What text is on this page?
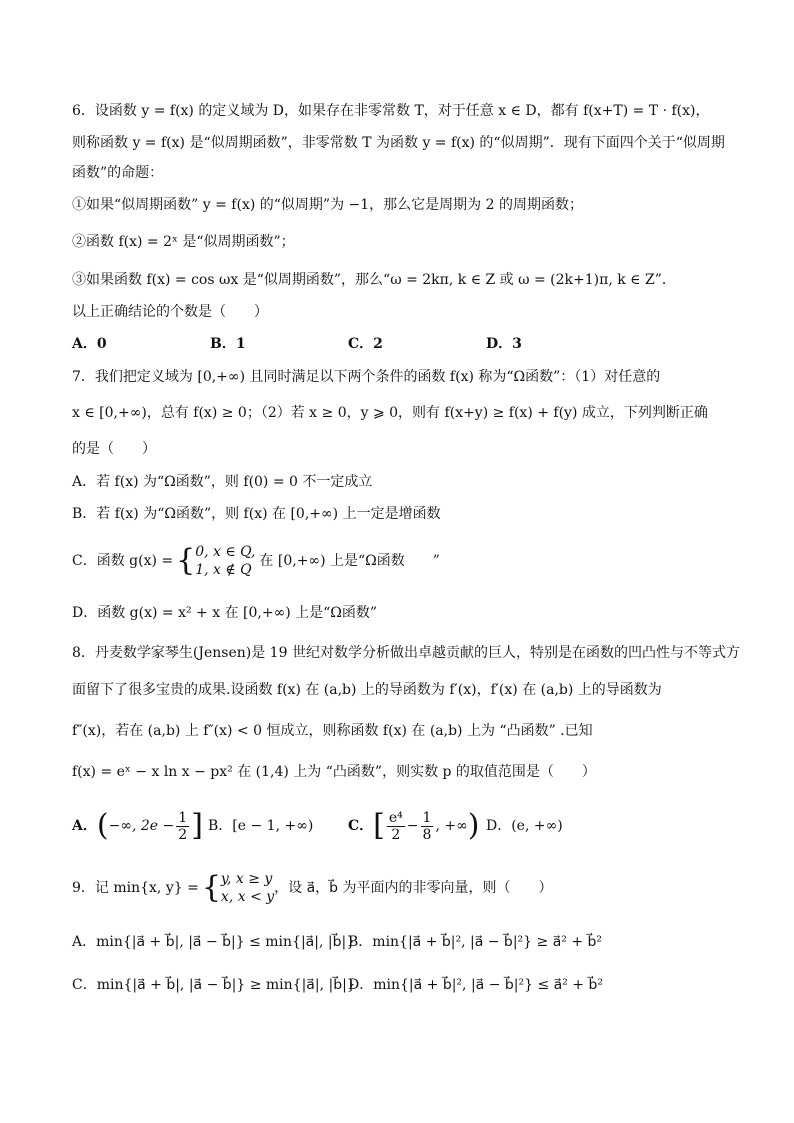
6．设函数 y = f(x) 的定义域为 D，如果存在非零常数 T，对于任意 x ∈ D，都有 f(x+T) = T · f(x)，

则称函数 y = f(x) 是“似周期函数”，非零常数 T 为函数 y = f(x) 的“似周期”．现有下面四个关于“似周期

函数”的命题：

①如果“似周期函数” y = f(x) 的“似周期”为 −1，那么它是周期为 2 的周期函数；

②函数 f(x) = 2ˣ 是“似周期函数”；

③如果函数 f(x) = cos ωx 是“似周期函数”，那么“ω = 2kπ, k ∈ Z 或 ω = (2k+1)π, k ∈ Z”．

以上正确结论的个数是（　　）

A．0	B．1	C．2	D．3

7．我们把定义域为 [0,+∞) 且同时满足以下两个条件的函数 f(x) 称为“Ω函数”：（1）对任意的

x ∈ [0,+∞)，总有 f(x) ≥ 0；（2）若 x ≥ 0，y ⩾ 0，则有 f(x+y) ≥ f(x) + f(y) 成立，下列判断正确

的是（　　）

A．若 f(x) 为“Ω函数”，则 f(0) = 0 不一定成立

B．若 f(x) 为“Ω函数”，则 f(x) 在 [0,+∞) 上一定是增函数

C．函数 g(x) = { 0, x ∈ Q,
1, x ∉ Q
在 [0,+∞) 上是“Ω函数　　”

D．函数 g(x) = x² + x 在 [0,+∞) 上是“Ω函数”

8．丹麦数学家琴生(Jensen)是 19 世纪对数学分析做出卓越贡献的巨人，特别是在函数的凹凸性与不等式方

面留下了很多宝贵的成果.设函数 f(x) 在 (a,b) 上的导函数为 f′(x)，f′(x) 在 (a,b) 上的导函数为

f″(x)，若在 (a,b) 上 f″(x) < 0 恒成立，则称函数 f(x) 在 (a,b) 上为 “凸函数” .已知

f(x) = eˣ − x ln x − px² 在 (1,4) 上为 “凸函数”，则实数 p 的取值范围是（　　）

A． ( −∞, $2e - \frac{1}{2}$ ] B．[e − 1, +∞) C． [ $\frac{\text{e⁴}}{2} - \frac{1}{8}$ , +∞ ) D．(e, +∞)
9．记 min{x, y} = { y, x ≥ y
x, x < y
，设 a⃗，b⃗ 为平面内的非零向量，则（　　）
A．min{|a⃗ + b⃗|, |a⃗ − b⃗|} ≤ min{|a⃗|, |b⃗|}
B．min{|a⃗ + b⃗|², |a⃗ − b⃗|²} ≥ a⃗² + b⃗²
C．min{|a⃗ + b⃗|, |a⃗ − b⃗|} ≥ min{|a⃗|, |b⃗|}
D．min{|a⃗ + b⃗|², |a⃗ − b⃗|²} ≤ a⃗² + b⃗²
